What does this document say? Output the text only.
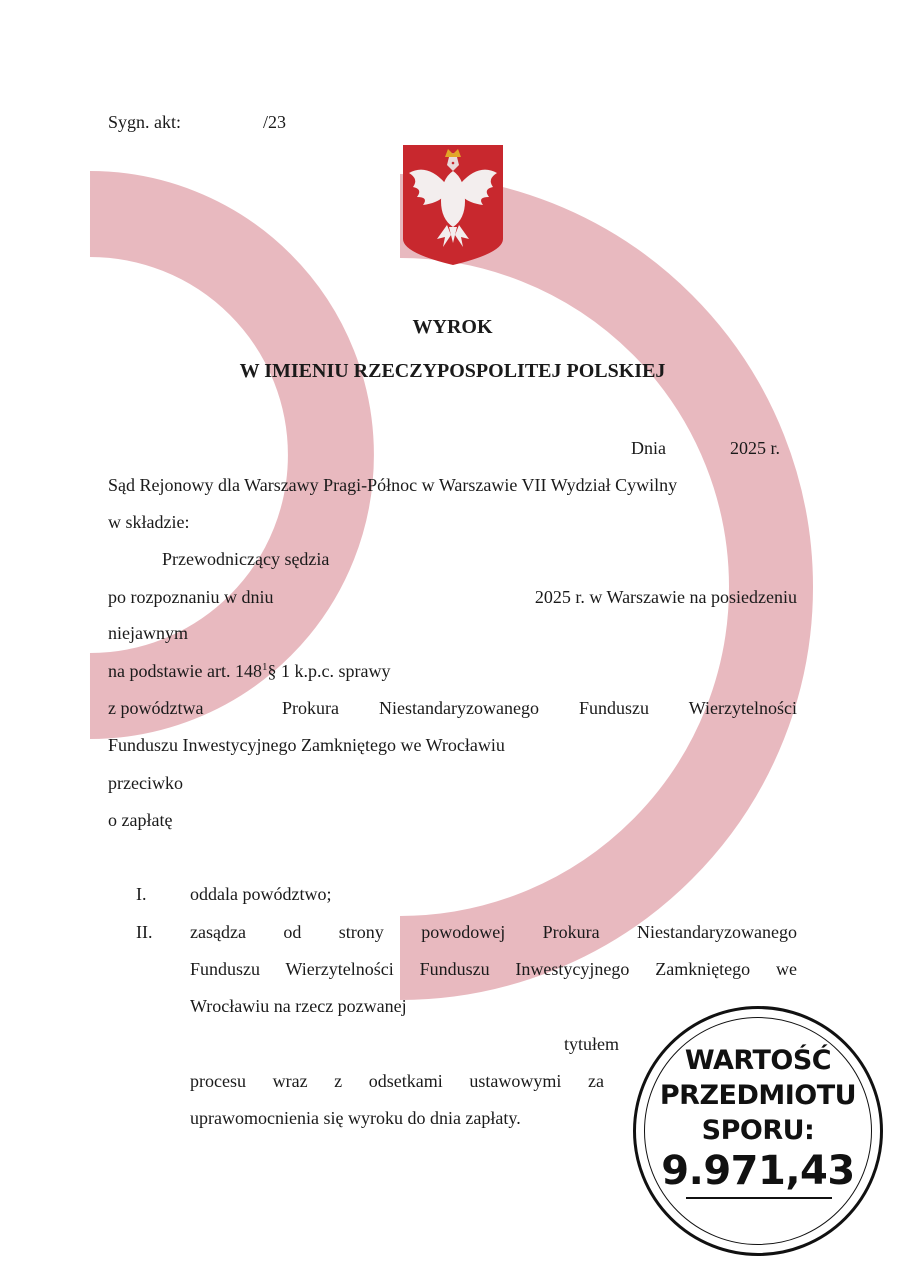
Sygn. akt:	/23
WYROK
W IMIENIU RZECZYPOSPOLITEJ POLSKIEJ
Dnia	2025 r.
Sąd Rejonowy dla Warszawy Pragi-Północ w Warszawie VII Wydział Cywilny
w składzie:
Przewodniczący sędzia
po rozpoznaniu w dniu	2025 r. w Warszawie na posiedzeniu
niejawnym
na podstawie art. $148^1\S$ 1 k.p.c. sprawy
z powództwa	Prokura Niestandaryzowanego Funduszu Wierzytelności
Funduszu Inwestycyjnego Zamkniętego we Wrocławiu
przeciwko
o zapłatę
I. oddala powództwo;
II. zasądza od strony powodowej Prokura Niestandaryzowanego
Funduszu Wierzytelności Funduszu Inwestycyjnego Zamkniętego we
Wrocławiu na rzecz pozwanej
tytułem
procesu wraz z odsetkami ustawowymi za
uprawomocnienia się wyroku do dnia zapłaty.
WARTOŚĆ
PRZEDMIOTU
SPORU:
9.971,43
